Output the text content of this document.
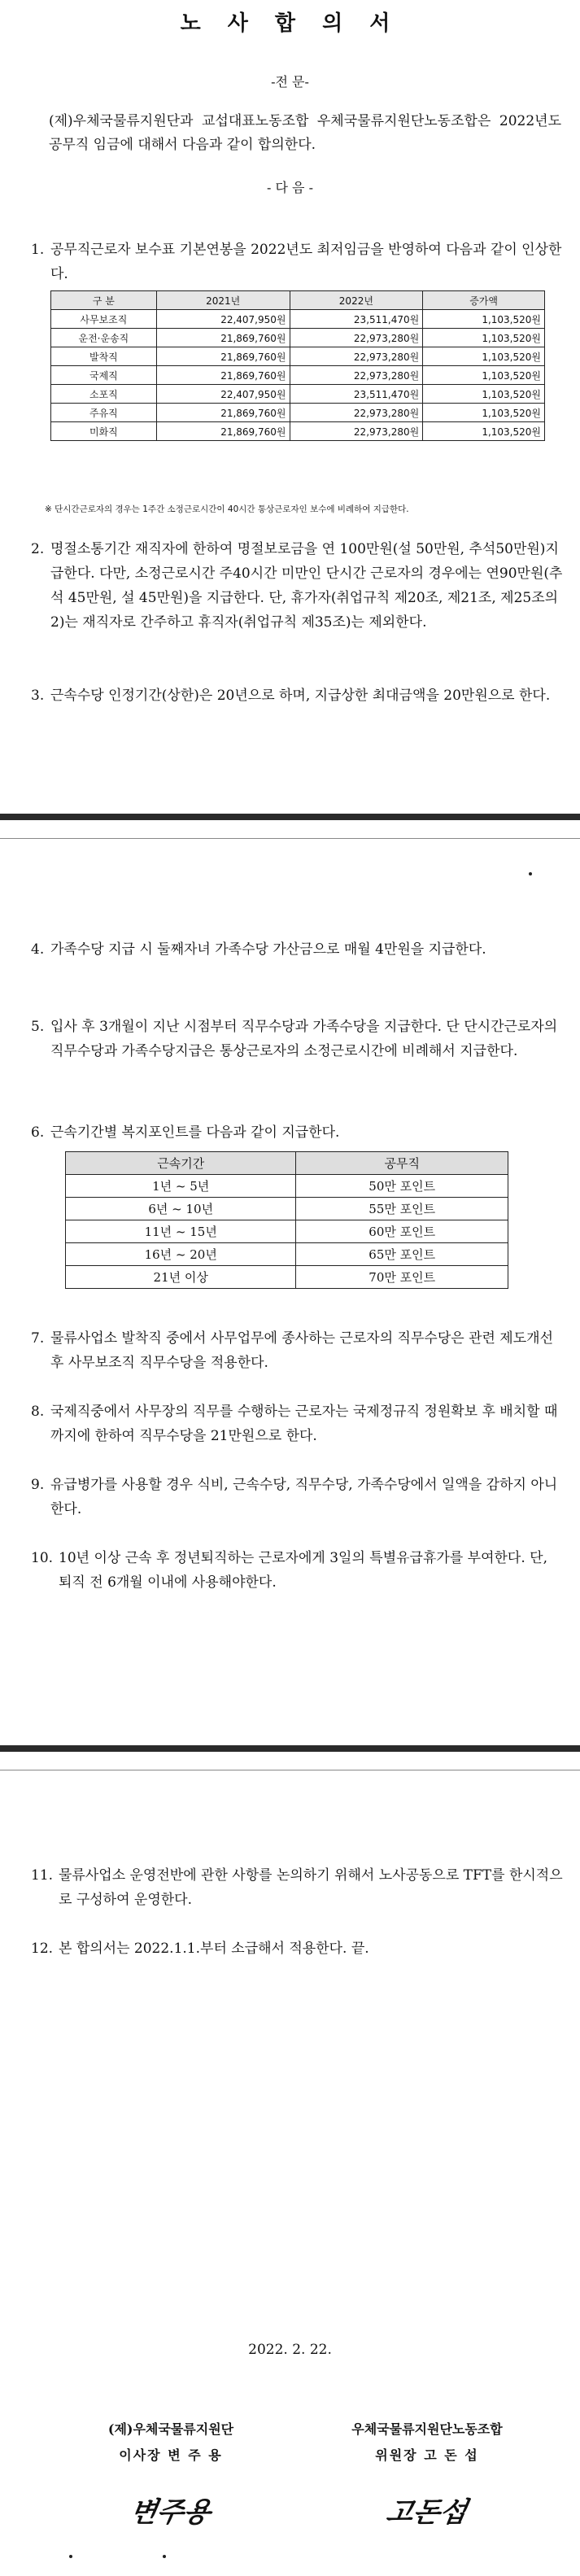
노 사 합 의 서
-전 문-
(제)우체국물류지원단과 교섭대표노동조합 우체국물류지원단노동조합은 2022년도 공무직 임금에 대해서 다음과 같이 합의한다.
- 다 음 -
1. 공무직근로자 보수표 기본연봉을 2022년도 최저임금을 반영하여 다음과 같이 인상한다.
구 분	2021년	2022년	증가액
사무보조직	22,407,950원	23,511,470원	1,103,520원
운전·운송직	21,869,760원	22,973,280원	1,103,520원
발착직	21,869,760원	22,973,280원	1,103,520원
국제직	21,869,760원	22,973,280원	1,103,520원
소포직	22,407,950원	23,511,470원	1,103,520원
주유직	21,869,760원	22,973,280원	1,103,520원
미화직	21,869,760원	22,973,280원	1,103,520원
※ 단시간근로자의 경우는 1주간 소정근로시간이 40시간 통상근로자인 보수에 비례하여 지급한다.
2. 명절소통기간 재직자에 한하여 명절보로금을 연 100만원(설 50만원, 추석50만원)지급한다. 다만, 소정근로시간 주40시간 미만인 단시간 근로자의 경우에는 연90만원(추석 45만원, 설 45만원)을 지급한다. 단, 휴가자(취업규칙 제20조, 제21조, 제25조의2)는 재직자로 간주하고 휴직자(취업규칙 제35조)는 제외한다.
3. 근속수당 인정기간(상한)은 20년으로 하며, 지급상한 최대금액을 20만원으로 한다.
4. 가족수당 지급 시 둘째자녀 가족수당 가산금으로 매월 4만원을 지급한다.
5. 입사 후 3개월이 지난 시점부터 직무수당과 가족수당을 지급한다. 단 단시간근로자의 직무수당과 가족수당지급은 통상근로자의 소정근로시간에 비례해서 지급한다.
6. 근속기간별 복지포인트를 다음과 같이 지급한다.
근속기간	공무직
1년 ~ 5년	50만 포인트
6년 ~ 10년	55만 포인트
11년 ~ 15년	60만 포인트
16년 ~ 20년	65만 포인트
21년 이상	70만 포인트
7. 물류사업소 발착직 중에서 사무업무에 종사하는 근로자의 직무수당은 관련 제도개선 후 사무보조직 직무수당을 적용한다.
8. 국제직중에서 사무장의 직무를 수행하는 근로자는 국제정규직 정원확보 후 배치할 때까지에 한하여 직무수당을 21만원으로 한다.
9. 유급병가를 사용할 경우 식비, 근속수당, 직무수당, 가족수당에서 일액을 감하지 아니한다.
10. 10년 이상 근속 후 정년퇴직하는 근로자에게 3일의 특별유급휴가를 부여한다. 단, 퇴직 전 6개월 이내에 사용해야한다.
11. 물류사업소 운영전반에 관한 사항를 논의하기 위해서 노사공동으로 TFT를 한시적으로 구성하여 운영한다.
12. 본 합의서는 2022.1.1.부터 소급해서 적용한다. 끝.
2022. 2. 22.
(제)우체국물류지원단
이사장 변 주 용
변주용
우체국물류지원단노동조합
위원장 고 돈 섭
고돈섭
